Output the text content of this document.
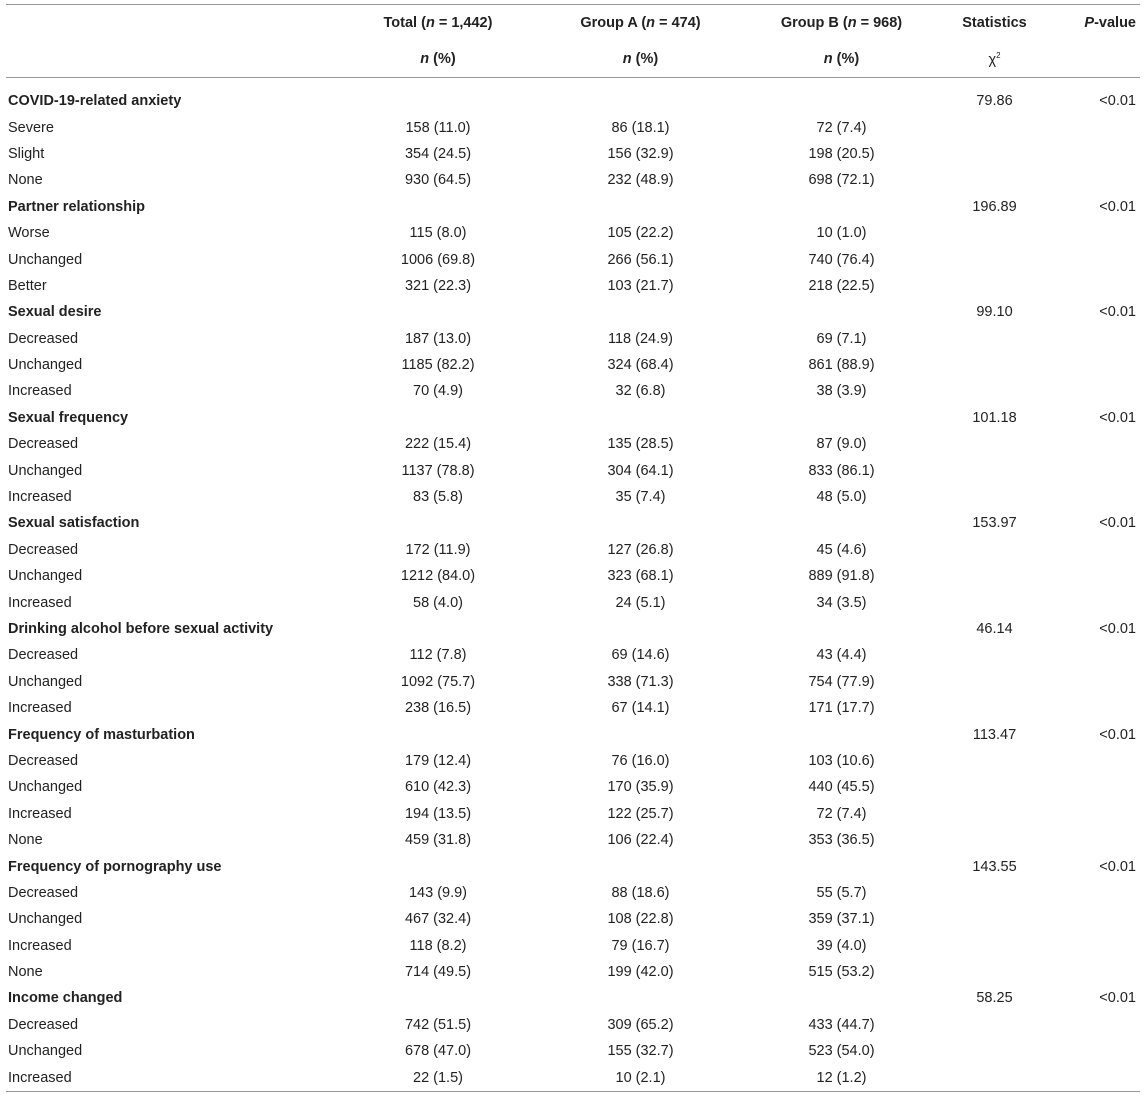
	Total (n = 1,442)	Group A (n = 474)	Group B (n = 968)	Statistics	P-value
	n (%)	n (%)	n (%)	$\chi^2$	

COVID-19-related anxiety				79.86	<0.01
Severe	158 (11.0)	86 (18.1)	72 (7.4)		
Slight	354 (24.5)	156 (32.9)	198 (20.5)		
None	930 (64.5)	232 (48.9)	698 (72.1)		
Partner relationship				196.89	<0.01
Worse	115 (8.0)	105 (22.2)	10 (1.0)		
Unchanged	1006 (69.8)	266 (56.1)	740 (76.4)		
Better	321 (22.3)	103 (21.7)	218 (22.5)		
Sexual desire				99.10	<0.01
Decreased	187 (13.0)	118 (24.9)	69 (7.1)		
Unchanged	1185 (82.2)	324 (68.4)	861 (88.9)		
Increased	70 (4.9)	32 (6.8)	38 (3.9)		
Sexual frequency				101.18	<0.01
Decreased	222 (15.4)	135 (28.5)	87 (9.0)		
Unchanged	1137 (78.8)	304 (64.1)	833 (86.1)		
Increased	83 (5.8)	35 (7.4)	48 (5.0)		
Sexual satisfaction				153.97	<0.01
Decreased	172 (11.9)	127 (26.8)	45 (4.6)		
Unchanged	1212 (84.0)	323 (68.1)	889 (91.8)		
Increased	58 (4.0)	24 (5.1)	34 (3.5)		
Drinking alcohol before sexual activity				46.14	<0.01
Decreased	112 (7.8)	69 (14.6)	43 (4.4)		
Unchanged	1092 (75.7)	338 (71.3)	754 (77.9)		
Increased	238 (16.5)	67 (14.1)	171 (17.7)		
Frequency of masturbation				113.47	<0.01
Decreased	179 (12.4)	76 (16.0)	103 (10.6)		
Unchanged	610 (42.3)	170 (35.9)	440 (45.5)		
Increased	194 (13.5)	122 (25.7)	72 (7.4)		
None	459 (31.8)	106 (22.4)	353 (36.5)		
Frequency of pornography use				143.55	<0.01
Decreased	143 (9.9)	88 (18.6)	55 (5.7)		
Unchanged	467 (32.4)	108 (22.8)	359 (37.1)		
Increased	118 (8.2)	79 (16.7)	39 (4.0)		
None	714 (49.5)	199 (42.0)	515 (53.2)		
Income changed				58.25	<0.01
Decreased	742 (51.5)	309 (65.2)	433 (44.7)		
Unchanged	678 (47.0)	155 (32.7)	523 (54.0)		
Increased	22 (1.5)	10 (2.1)	12 (1.2)		
